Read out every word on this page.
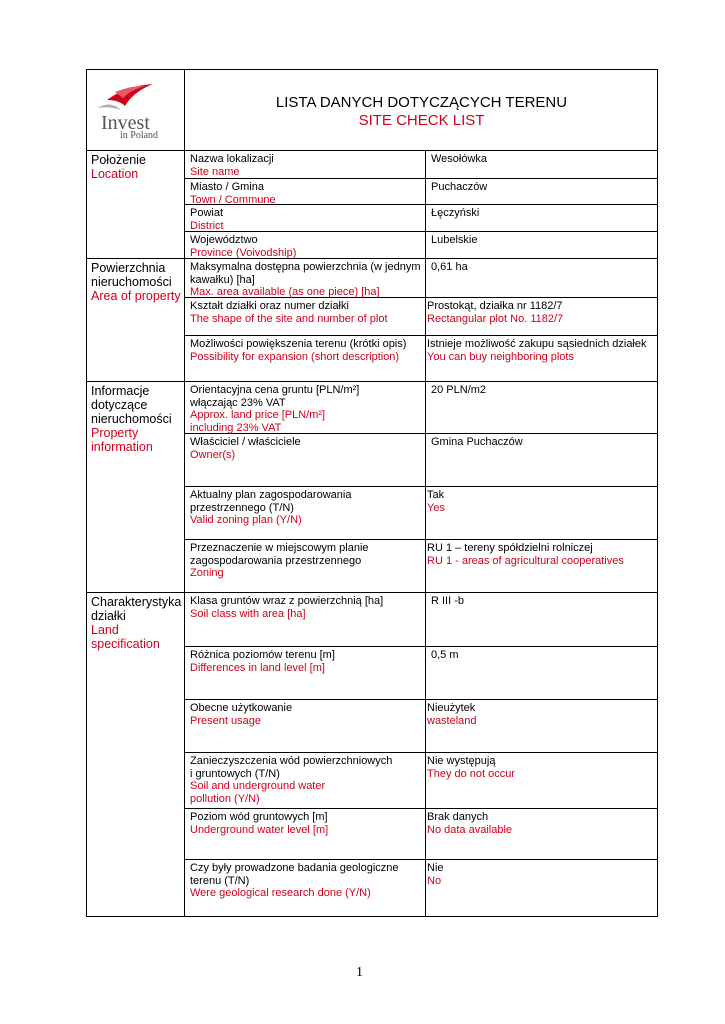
Invest
in Poland
LISTA DANYCH DOTYCZĄCYCH TERENU
SITE CHECK LIST
Położenie
Location
Nazwa lokalizacji
Site name
Wesołówka
Miasto / Gmina
Town / Commune
Puchaczów
Powiat
District
Łęczyński
Województwo
Province (Voivodship)
Lubelskie
Powierzchnia
nieruchomości
Area of property
Maksymalna dostępna powierzchnia (w jednym
kawałku) [ha]
Max. area available (as one piece) [ha]
0,61 ha
Kształt działki oraz numer działki
The shape of the site and number of plot
Prostokąt, działka nr 1182/7
Rectangular plot No. 1182/7
Możliwości powiększenia terenu (krótki opis)
Possibility for expansion (short description)
Istnieje możliwość zakupu sąsiednich działek
You can buy neighboring plots
Informacje
dotyczące
nieruchomości
Property
information
Orientacyjna cena gruntu [PLN/m²]
włączając 23% VAT
Approx. land price [PLN/m²]
including 23% VAT
20 PLN/m2
Właściciel / właściciele
Owner(s)
Gmina Puchaczów
Aktualny plan zagospodarowania
przestrzennego (T/N)
Valid zoning plan (Y/N)
Tak
Yes
Przeznaczenie w miejscowym planie
zagospodarowania przestrzennego
Zoning
RU 1 – tereny spółdzielni rolniczej
RU 1 - areas of agricultural cooperatives
Charakterystyka
działki
Land
specification
Klasa gruntów wraz z powierzchnią [ha]
Soil class with area [ha]
R III -b
Różnica poziomów terenu [m]
Differences in land level [m]
0,5 m
Obecne użytkowanie
Present usage
Nieużytek
wasteland
Zanieczyszczenia wód powierzchniowych
i gruntowych (T/N)
Soil and underground water
pollution (Y/N)
Nie występują
They do not occur
Poziom wód gruntowych [m]
Underground water level [m]
Brak danych
No data available
Czy były prowadzone badania geologiczne
terenu (T/N)
Were geological research done (Y/N)
Nie
No
1
